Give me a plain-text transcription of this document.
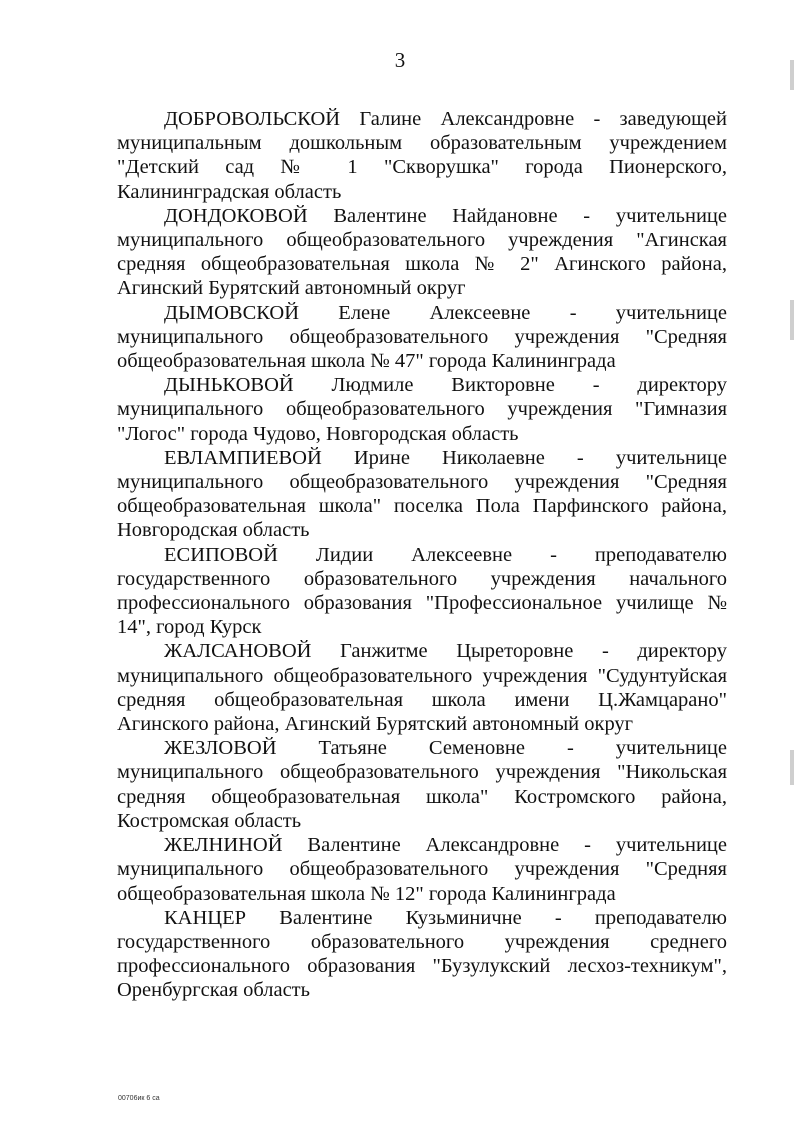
3

ДОБРОВОЛЬСКОЙ Галине Александровне - заведующей муниципальным дошкольным образовательным учреждением "Детский сад № 1 "Скворушка" города Пионерского, Калининградская область

ДОНДОКОВОЙ Валентине Найдановне - учительнице муниципального общеобразовательного учреждения "Агинская средняя общеобразовательная школа № 2" Агинского района, Агинский Бурятский автономный округ

ДЫМОВСКОЙ Елене Алексеевне - учительнице муниципального общеобразовательного учреждения "Средняя общеобразовательная школа № 47" города Калининграда

ДЫНЬКОВОЙ Людмиле Викторовне - директору муниципального общеобразовательного учреждения "Гимназия "Логос" города Чудово, Новгородская область

ЕВЛАМПИЕВОЙ Ирине Николаевне - учительнице муниципального общеобразовательного учреждения "Средняя общеобразовательная школа" поселка Пола Парфинского района, Новгородская область

ЕСИПОВОЙ Лидии Алексеевне - преподавателю государственного образовательного учреждения начального профессионального образования "Профессиональное училище № 14", город Курск

ЖАЛСАНОВОЙ Ганжитме Цыреторовне - директору муниципального общеобразовательного учреждения "Судунтуйская средняя общеобразовательная школа имени Ц.Жамцарано" Агинского района, Агинский Бурятский автономный округ

ЖЕЗЛОВОЙ Татьяне Семеновне - учительнице муниципального общеобразовательного учреждения "Никольская средняя общеобразовательная школа" Костромского района, Костромская область

ЖЕЛНИНОЙ Валентине Александровне - учительнице муниципального общеобразовательного учреждения "Средняя общеобразовательная школа № 12" города Калининграда

КАНЦЕР Валентине Кузьминичне - преподавателю государственного образовательного учреждения среднего профессионального образования "Бузулукский лесхоз-техникум", Оренбургская область

00706ик 6 са
